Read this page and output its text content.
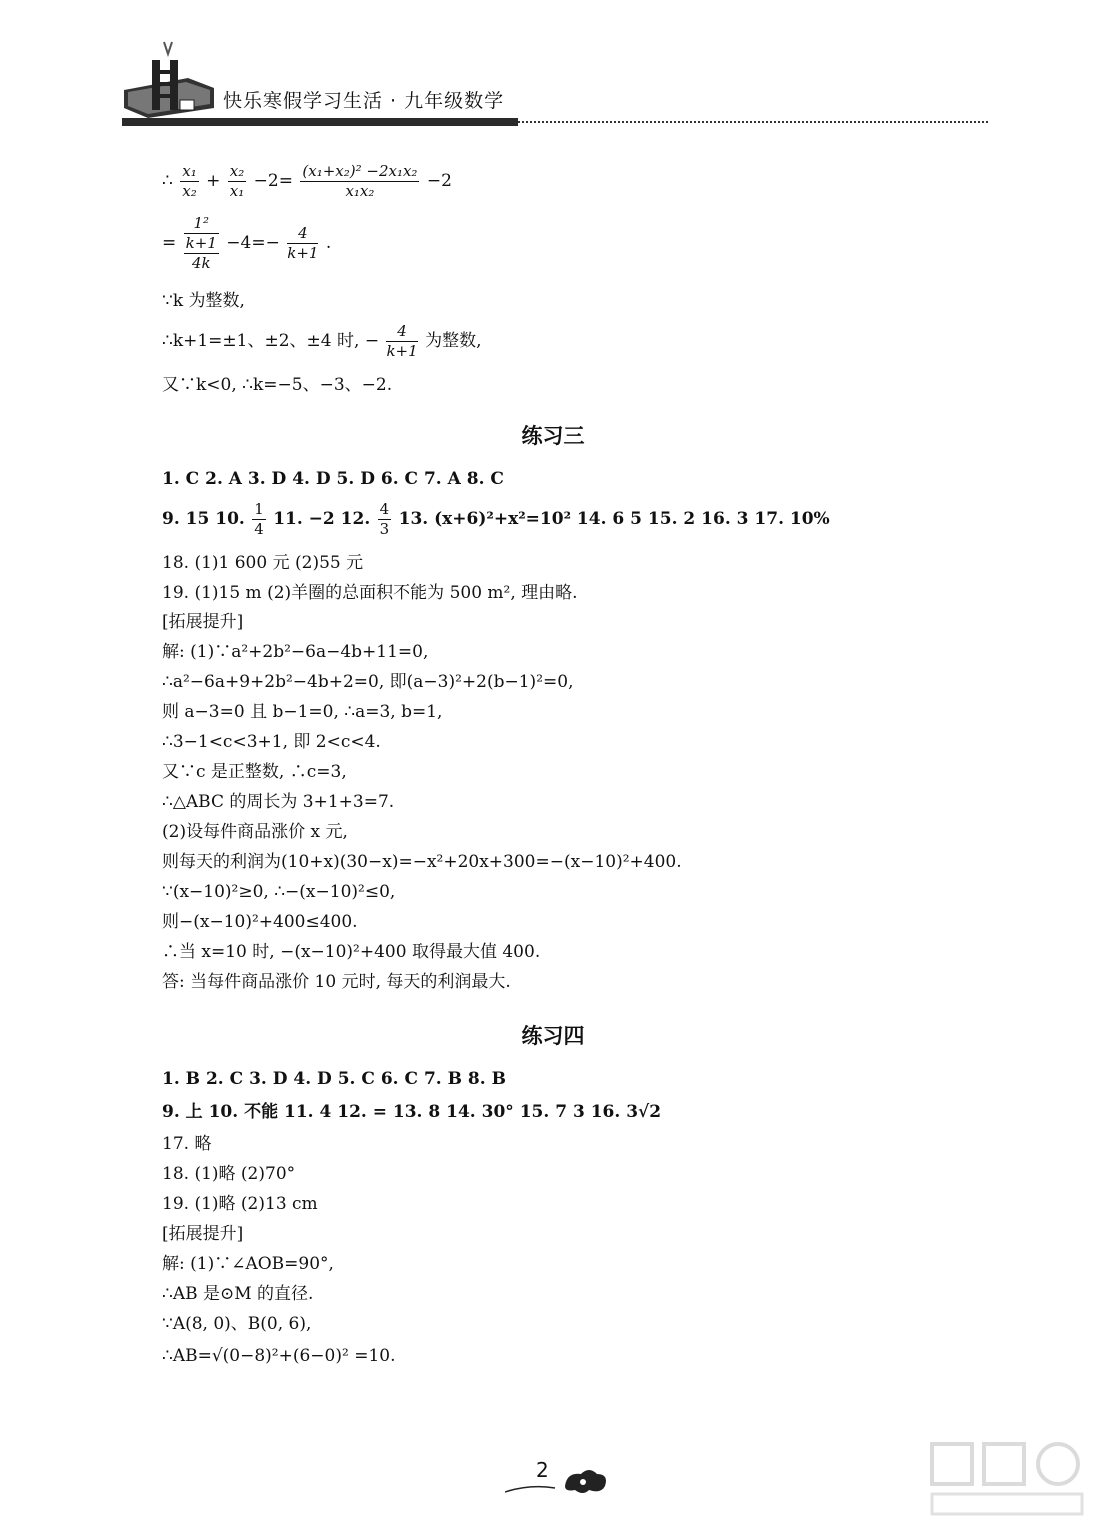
快乐寒假学习生活 · 九年级数学
∴ $\frac{\text{x₁}}{\text{x₂}} + \frac{\text{x₂}}{\text{x₁}} -2= \frac{\text{(x₁+x₂)² −2x₁x₂}}{\text{x₁x₂}} -2$
=
1²
k+1
4k
$-4=- \frac{4}{k+1}$ .
∵k 为整数,
∴k+1=±1、±2、±4 时, − $\frac{4}{k+1}$ 为整数,
又∵k<0, ∴k=−5、−3、−2.
练习三
1. C 2. A 3. D 4. D 5. D 6. C 7. A 8. C
9. 15 10. $\frac{1}{4} 11$. −2 12. $\frac{4}{3} 13$. (x+6)²+x²=10² 14. 6 5 15. 2 16. 3 17. 10%
18. (1)1 600 元 (2)55 元
19. (1)15 m (2)羊圈的总面积不能为 500 m², 理由略.
[拓展提升]
解: (1)∵a²+2b²−6a−4b+11=0,
∴a²−6a+9+2b²−4b+2=0, 即(a−3)²+2(b−1)²=0,
则 a−3=0 且 b−1=0, ∴a=3, b=1,
∴3−1<c<3+1, 即 2<c<4.
又∵c 是正整数, ∴c=3,
∴△ABC 的周长为 3+1+3=7.
(2)设每件商品涨价 x 元,
则每天的利润为(10+x)(30−x)=−x²+20x+300=−(x−10)²+400.
∵(x−10)²≥0, ∴−(x−10)²≤0,
则−(x−10)²+400≤400.
∴当 x=10 时, −(x−10)²+400 取得最大值 400.
答: 当每件商品涨价 10 元时, 每天的利润最大.
练习四
1. B 2. C 3. D 4. D 5. C 6. C 7. B 8. B
9. 上 10. 不能 11. 4 12. = 13. 8 14. 30° 15. 7 3 16. 3√2
17. 略
18. (1)略 (2)70°
19. (1)略 (2)13 cm
[拓展提升]
解: (1)∵∠AOB=90°,
∴AB 是⊙M 的直径.
∵A(8, 0)、B(0, 6),
∴AB=√(0−8)²+(6−0)² =10.
2
